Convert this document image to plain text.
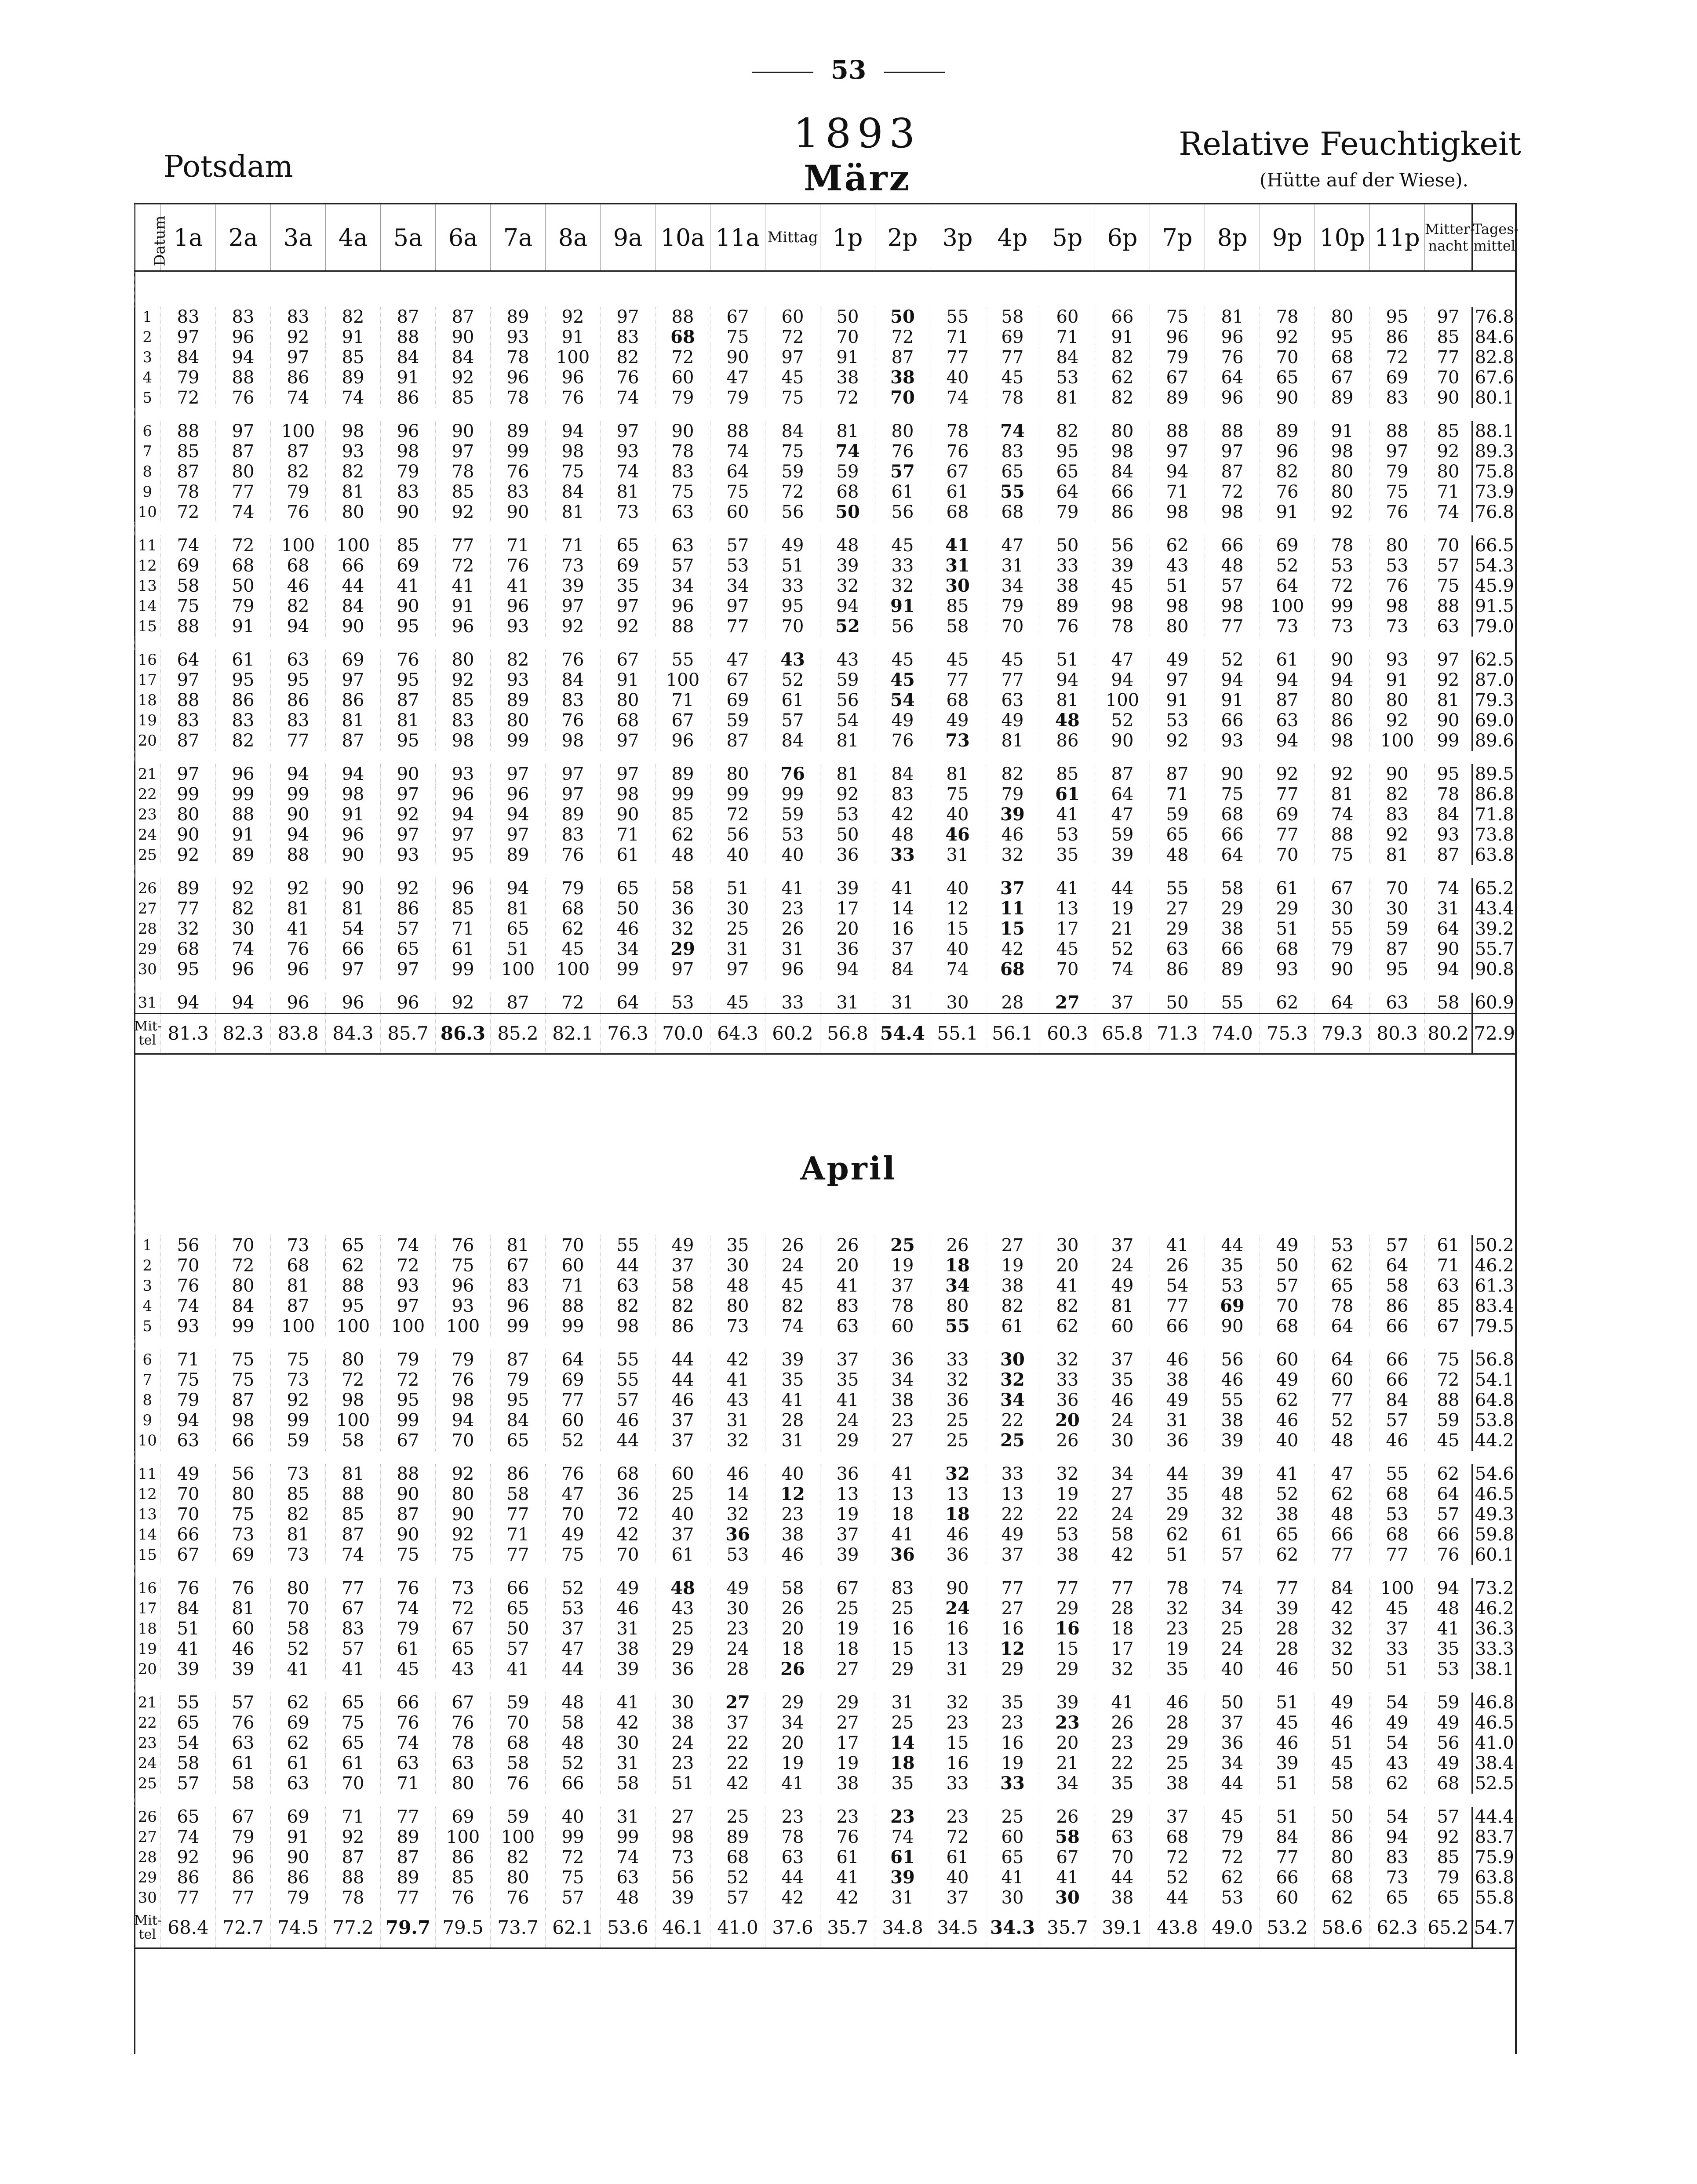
53
Potsdam
1893
März
Relative Feuchtigkeit
(Hütte auf der Wiese).
Datum	1a	2a	3a	4a	5a	6a	7a	8a	9a	10a	11a	Mittag	1p	2p	3p	4p	5p	6p	7p	8p	9p	10p	11p	Mitter-nacht	Tages-mittel

1	83	83	83	82	87	87	89	92	97	88	67	60	50	50	55	58	60	66	75	81	78	80	95	97	76.8
2	97	96	92	91	88	90	93	91	83	68	75	72	70	72	71	69	71	91	96	96	92	95	86	85	84.6
3	84	94	97	85	84	84	78	100	82	72	90	97	91	87	77	77	84	82	79	76	70	68	72	77	82.8
4	79	88	86	89	91	92	96	96	76	60	47	45	38	38	40	45	53	62	67	64	65	67	69	70	67.6
5	72	76	74	74	86	85	78	76	74	79	79	75	72	70	74	78	81	82	89	96	90	89	83	90	80.1

6	88	97	100	98	96	90	89	94	97	90	88	84	81	80	78	74	82	80	88	88	89	91	88	85	88.1
7	85	87	87	93	98	97	99	98	93	78	74	75	74	76	76	83	95	98	97	97	96	98	97	92	89.3
8	87	80	82	82	79	78	76	75	74	83	64	59	59	57	67	65	65	84	94	87	82	80	79	80	75.8
9	78	77	79	81	83	85	83	84	81	75	75	72	68	61	61	55	64	66	71	72	76	80	75	71	73.9
10	72	74	76	80	90	92	90	81	73	63	60	56	50	56	68	68	79	86	98	98	91	92	76	74	76.8

11	74	72	100	100	85	77	71	71	65	63	57	49	48	45	41	47	50	56	62	66	69	78	80	70	66.5
12	69	68	68	66	69	72	76	73	69	57	53	51	39	33	31	31	33	39	43	48	52	53	53	57	54.3
13	58	50	46	44	41	41	41	39	35	34	34	33	32	32	30	34	38	45	51	57	64	72	76	75	45.9
14	75	79	82	84	90	91	96	97	97	96	97	95	94	91	85	79	89	98	98	98	100	99	98	88	91.5
15	88	91	94	90	95	96	93	92	92	88	77	70	52	56	58	70	76	78	80	77	73	73	73	63	79.0

16	64	61	63	69	76	80	82	76	67	55	47	43	43	45	45	45	51	47	49	52	61	90	93	97	62.5
17	97	95	95	97	95	92	93	84	91	100	67	52	59	45	77	77	94	94	97	94	94	94	91	92	87.0
18	88	86	86	86	87	85	89	83	80	71	69	61	56	54	68	63	81	100	91	91	87	80	80	81	79.3
19	83	83	83	81	81	83	80	76	68	67	59	57	54	49	49	49	48	52	53	66	63	86	92	90	69.0
20	87	82	77	87	95	98	99	98	97	96	87	84	81	76	73	81	86	90	92	93	94	98	100	99	89.6

21	97	96	94	94	90	93	97	97	97	89	80	76	81	84	81	82	85	87	87	90	92	92	90	95	89.5
22	99	99	99	98	97	96	96	97	98	99	99	99	92	83	75	79	61	64	71	75	77	81	82	78	86.8
23	80	88	90	91	92	94	94	89	90	85	72	59	53	42	40	39	41	47	59	68	69	74	83	84	71.8
24	90	91	94	96	97	97	97	83	71	62	56	53	50	48	46	46	53	59	65	66	77	88	92	93	73.8
25	92	89	88	90	93	95	89	76	61	48	40	40	36	33	31	32	35	39	48	64	70	75	81	87	63.8

26	89	92	92	90	92	96	94	79	65	58	51	41	39	41	40	37	41	44	55	58	61	67	70	74	65.2
27	77	82	81	81	86	85	81	68	50	36	30	23	17	14	12	11	13	19	27	29	29	30	30	31	43.4
28	32	30	41	54	57	71	65	62	46	32	25	26	20	16	15	15	17	21	29	38	51	55	59	64	39.2
29	68	74	76	66	65	61	51	45	34	29	31	31	36	37	40	42	45	52	63	66	68	79	87	90	55.7
30	95	96	96	97	97	99	100	100	99	97	97	96	94	84	74	68	70	74	86	89	93	90	95	94	90.8

31	94	94	96	96	96	92	87	72	64	53	45	33	31	31	30	28	27	37	50	55	62	64	63	58	60.9
Mit-tel	81.3	82.3	83.8	84.3	85.7	86.3	85.2	82.1	76.3	70.0	64.3	60.2	56.8	54.4	55.1	56.1	60.3	65.8	71.3	74.0	75.3	79.3	80.3	80.2	72.9
April

1	56	70	73	65	74	76	81	70	55	49	35	26	26	25	26	27	30	37	41	44	49	53	57	61	50.2
2	70	72	68	62	72	75	67	60	44	37	30	24	20	19	18	19	20	24	26	35	50	62	64	71	46.2
3	76	80	81	88	93	96	83	71	63	58	48	45	41	37	34	38	41	49	54	53	57	65	58	63	61.3
4	74	84	87	95	97	93	96	88	82	82	80	82	83	78	80	82	82	81	77	69	70	78	86	85	83.4
5	93	99	100	100	100	100	99	99	98	86	73	74	63	60	55	61	62	60	66	90	68	64	66	67	79.5

6	71	75	75	80	79	79	87	64	55	44	42	39	37	36	33	30	32	37	46	56	60	64	66	75	56.8
7	75	75	73	72	72	76	79	69	55	44	41	35	35	34	32	32	33	35	38	46	49	60	66	72	54.1
8	79	87	92	98	95	98	95	77	57	46	43	41	41	38	36	34	36	46	49	55	62	77	84	88	64.8
9	94	98	99	100	99	94	84	60	46	37	31	28	24	23	25	22	20	24	31	38	46	52	57	59	53.8
10	63	66	59	58	67	70	65	52	44	37	32	31	29	27	25	25	26	30	36	39	40	48	46	45	44.2

11	49	56	73	81	88	92	86	76	68	60	46	40	36	41	32	33	32	34	44	39	41	47	55	62	54.6
12	70	80	85	88	90	80	58	47	36	25	14	12	13	13	13	13	19	27	35	48	52	62	68	64	46.5
13	70	75	82	85	87	90	77	70	72	40	32	23	19	18	18	22	22	24	29	32	38	48	53	57	49.3
14	66	73	81	87	90	92	71	49	42	37	36	38	37	41	46	49	53	58	62	61	65	66	68	66	59.8
15	67	69	73	74	75	75	77	75	70	61	53	46	39	36	36	37	38	42	51	57	62	77	77	76	60.1

16	76	76	80	77	76	73	66	52	49	48	49	58	67	83	90	77	77	77	78	74	77	84	100	94	73.2
17	84	81	70	67	74	72	65	53	46	43	30	26	25	25	24	27	29	28	32	34	39	42	45	48	46.2
18	51	60	58	83	79	67	50	37	31	25	23	20	19	16	16	16	16	18	23	25	28	32	37	41	36.3
19	41	46	52	57	61	65	57	47	38	29	24	18	18	15	13	12	15	17	19	24	28	32	33	35	33.3
20	39	39	41	41	45	43	41	44	39	36	28	26	27	29	31	29	29	32	35	40	46	50	51	53	38.1

21	55	57	62	65	66	67	59	48	41	30	27	29	29	31	32	35	39	41	46	50	51	49	54	59	46.8
22	65	76	69	75	76	76	70	58	42	38	37	34	27	25	23	23	23	26	28	37	45	46	49	49	46.5
23	54	63	62	65	74	78	68	48	30	24	22	20	17	14	15	16	20	23	29	36	46	51	54	56	41.0
24	58	61	61	61	63	63	58	52	31	23	22	19	19	18	16	19	21	22	25	34	39	45	43	49	38.4
25	57	58	63	70	71	80	76	66	58	51	42	41	38	35	33	33	34	35	38	44	51	58	62	68	52.5

26	65	67	69	71	77	69	59	40	31	27	25	23	23	23	23	25	26	29	37	45	51	50	54	57	44.4
27	74	79	91	92	89	100	100	99	99	98	89	78	76	74	72	60	58	63	68	79	84	86	94	92	83.7
28	92	96	90	87	87	86	82	72	74	73	68	63	61	61	61	65	67	70	72	72	77	80	83	85	75.9
29	86	86	86	88	89	85	80	75	63	56	52	44	41	39	40	41	41	44	52	62	66	68	73	79	63.8
30	77	77	79	78	77	76	76	57	48	39	57	42	42	31	37	30	30	38	44	53	60	62	65	65	55.8
Mit-tel	68.4	72.7	74.5	77.2	79.7	79.5	73.7	62.1	53.6	46.1	41.0	37.6	35.7	34.8	34.5	34.3	35.7	39.1	43.8	49.0	53.2	58.6	62.3	65.2	54.7
